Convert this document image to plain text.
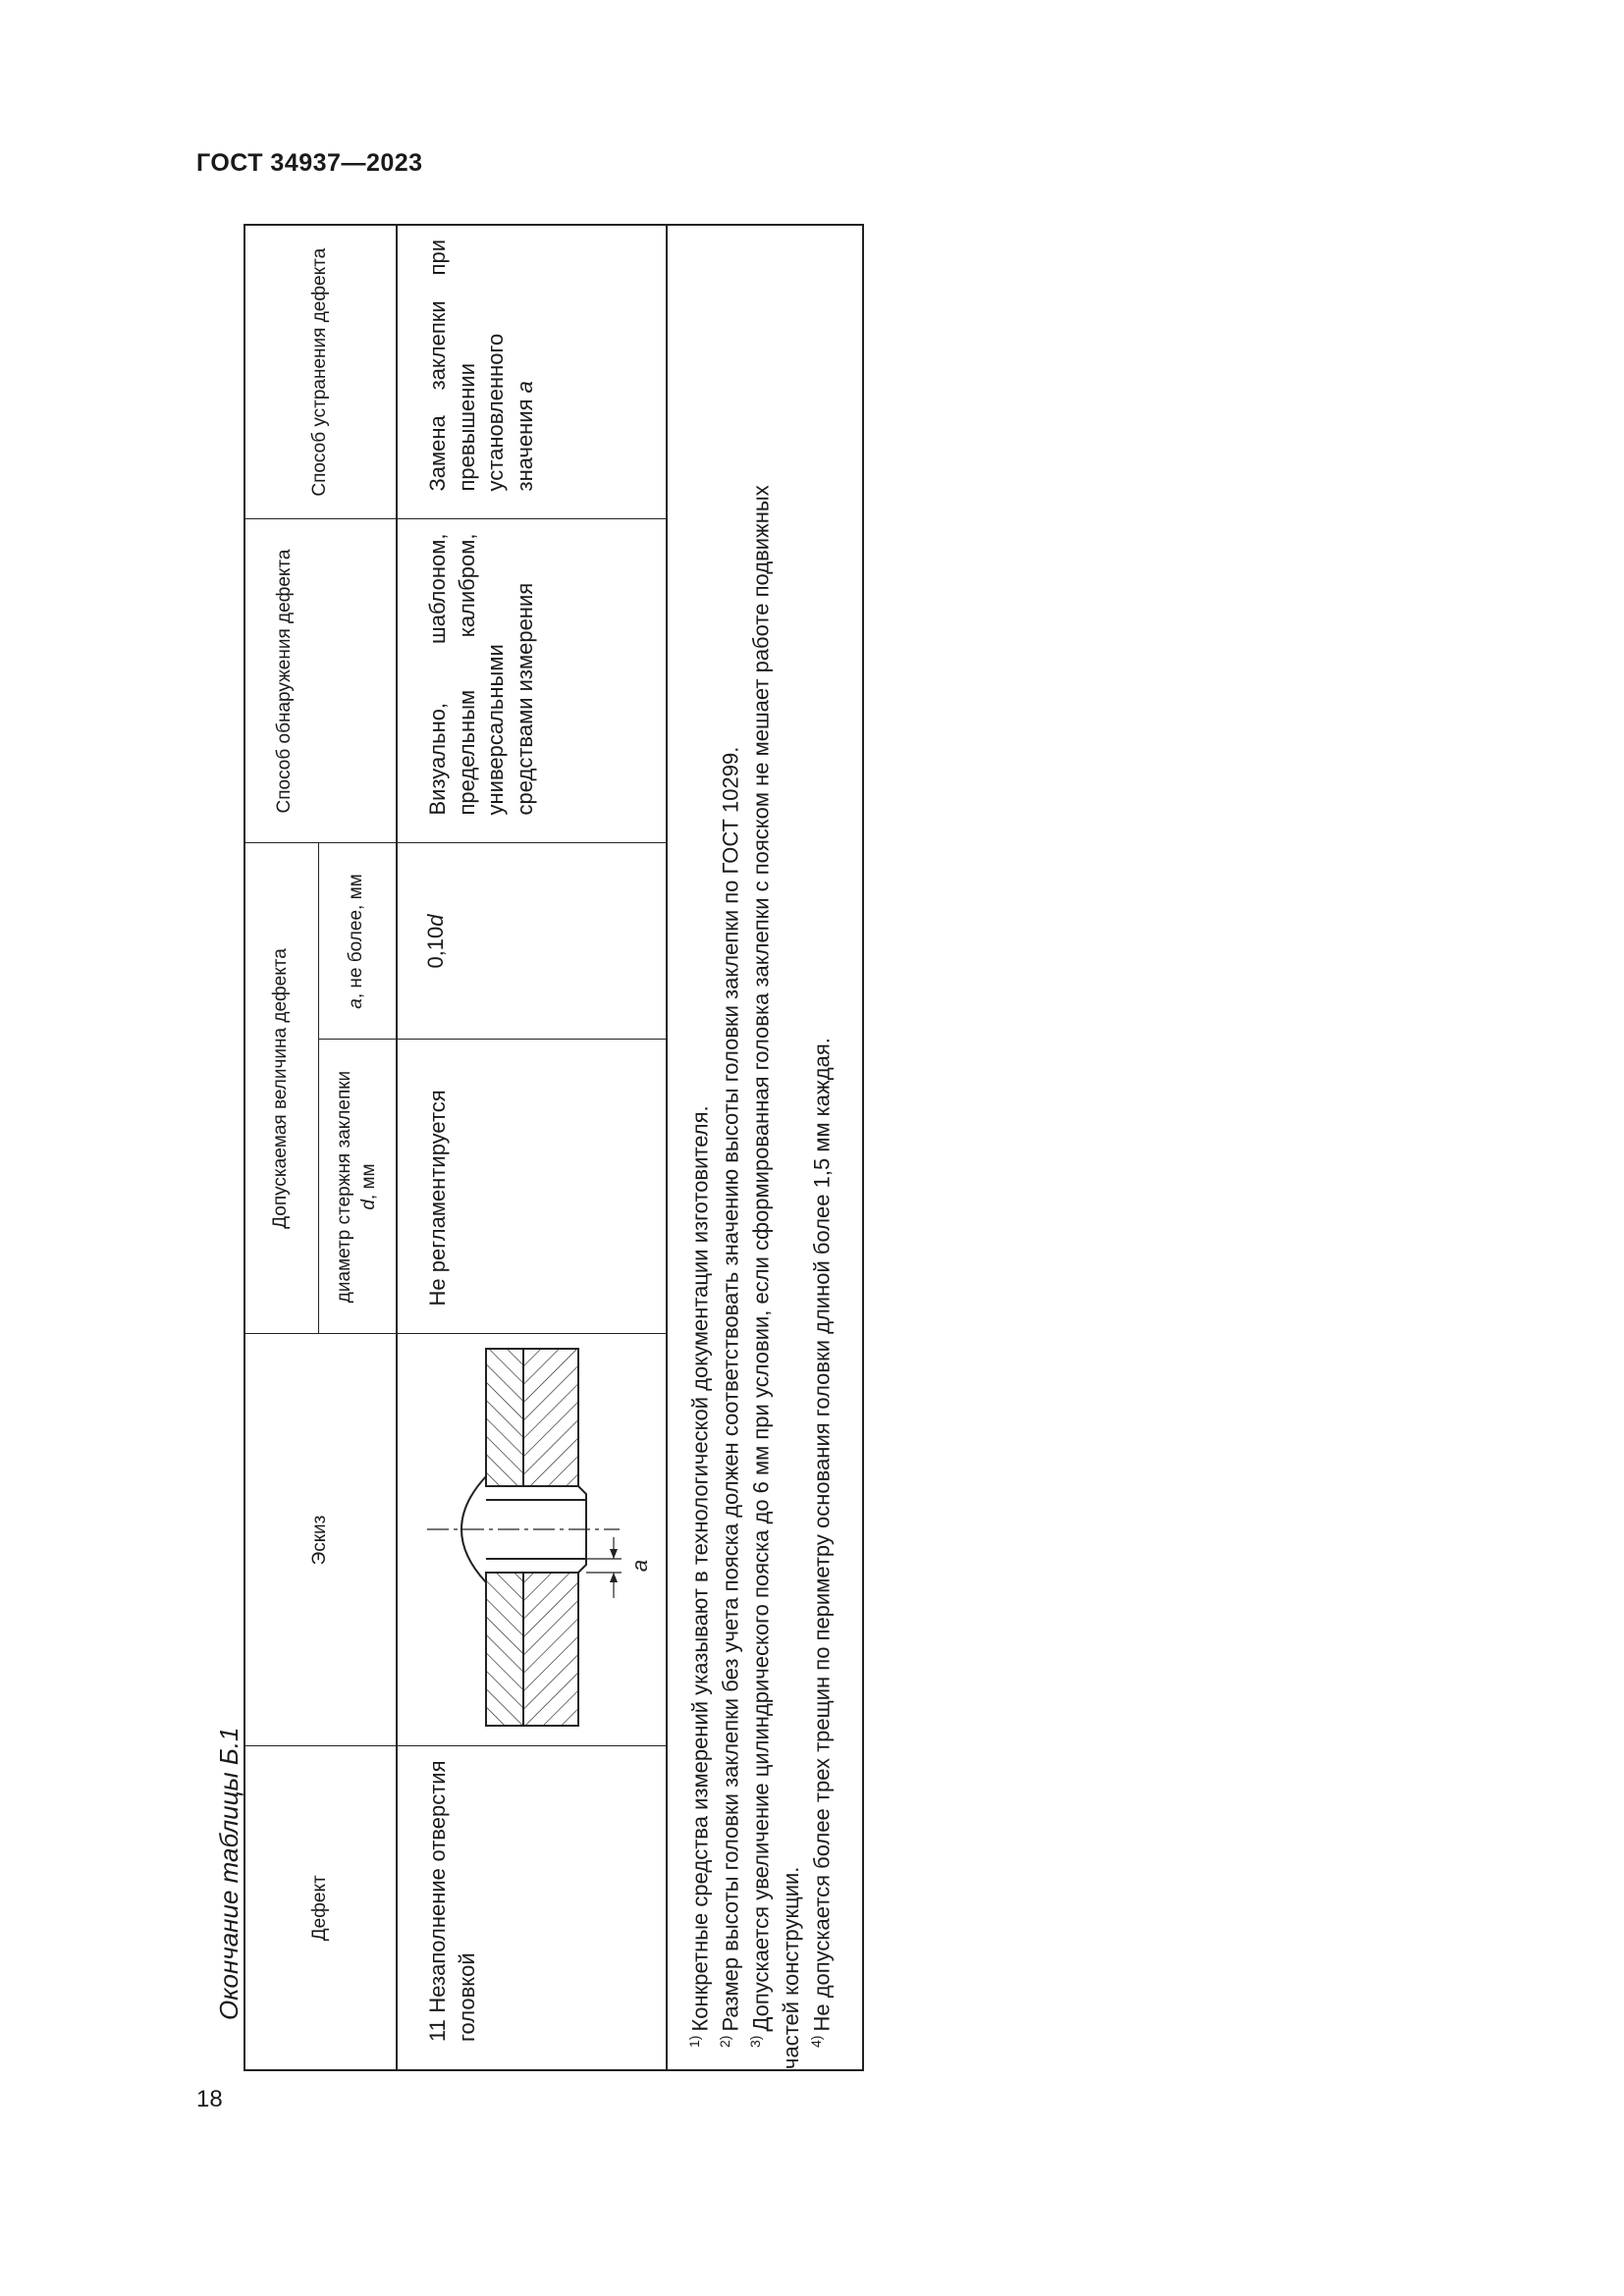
ГОСТ 34937—2023
18
Окончание таблицы Б.1	Дефект	Эскиз	Допускаемая величина дефекта		Способ обнаружения дефекта	Способ устранения дефекта

		диаметр стержня заклепки d, мм	a, не более, мм		
11 Незаполнение отверстия головкой	a	Не регламентируется	0,10d	Визуально, шаблоном, предельным калибром, универсальными средствами измерения	Замена заклепки при превышении установленного значения a

$^{1)}$Конкретные средства измерений указывают в технологической документации изготовителя.

$^{2)}$Размер высоты головки заклепки без учета пояска должен соответствовать значению высоты головки заклепки по ГОСТ 10299.

$^{3)}$Допускается увеличение цилиндрического пояска до 6 мм при условии, если сформированная головка заклепки с пояском не мешает работе подвижных частей конструкции. $^{4)}$Не допускается более трех трещин по периметру основания головки длиной более 1,5 мм каждая.					
